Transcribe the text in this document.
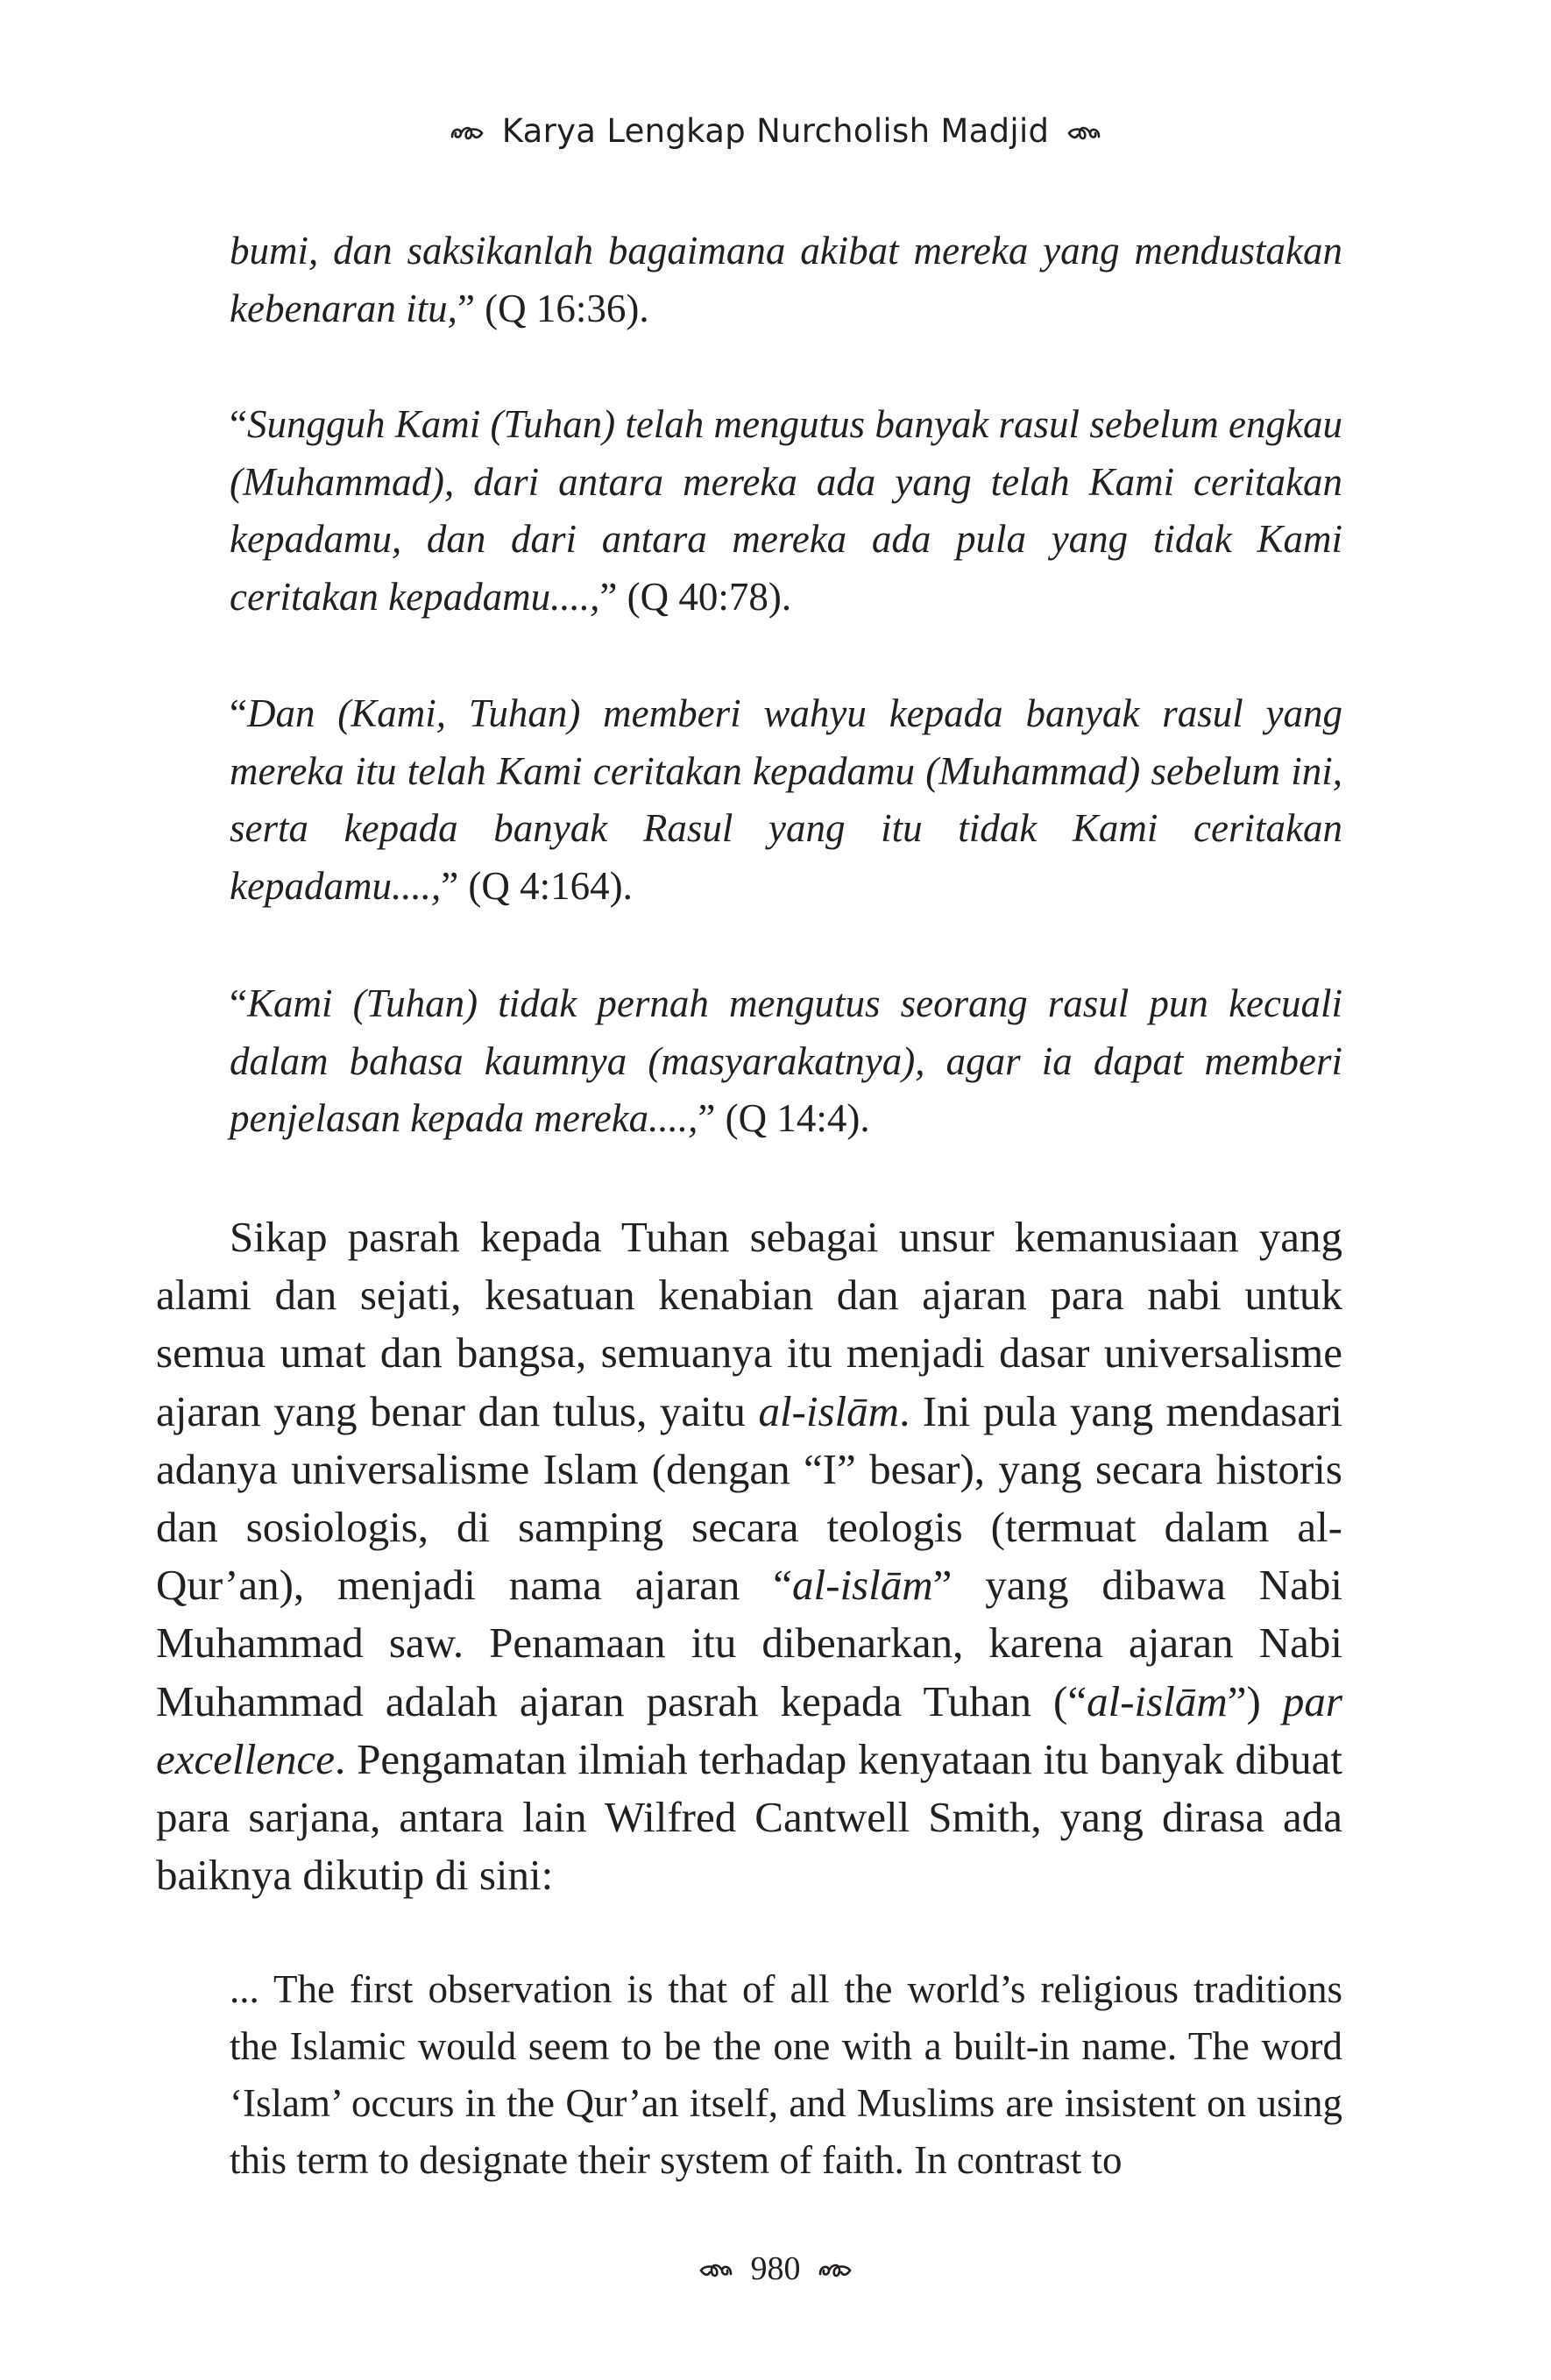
Karya Lengkap Nurcholish Madjid

bumi, dan saksikanlah bagaimana akibat mereka yang mendustakan kebenaran itu,” (Q 16:36).

“Sungguh Kami (Tuhan) telah mengutus banyak rasul sebelum engkau (Muhammad), dari antara mereka ada yang telah Kami ceritakan kepadamu, dan dari antara mereka ada pula yang tidak Kami ceritakan kepadamu....,” (Q 40:78).

“Dan (Kami, Tuhan) memberi wahyu kepada banyak rasul yang mereka itu telah Kami ceritakan kepadamu (Muhammad) sebelum ini, serta kepada banyak Rasul yang itu tidak Kami ceritakan kepadamu....,” (Q 4:164).

“Kami (Tuhan) tidak pernah mengutus seorang rasul pun kecuali dalam bahasa kaumnya (masyarakatnya), agar ia dapat memberi penjelasan kepada mereka....,” (Q 14:4).

Sikap pasrah kepada Tuhan sebagai unsur kemanusiaan yang alami dan sejati, kesatuan kenabian dan ajaran para nabi untuk semua umat dan bangsa, semuanya itu menjadi dasar universalisme ajaran yang benar dan tulus, yaitu al-islām. Ini pula yang mendasari adanya universalisme Islam (dengan “I” besar), yang secara historis dan sosiologis, di samping secara teologis (termuat dalam al-Qur’an), menjadi nama ajaran “al-islām” yang dibawa Nabi Muhammad saw. Penamaan itu dibenarkan, karena ajaran Nabi Muhammad adalah ajaran pasrah kepada Tuhan (“al-islām”) par excellence. Pengamatan ilmiah terhadap kenyataan itu banyak dibuat para sarjana, antara lain Wilfred Cantwell Smith, yang dirasa ada baiknya dikutip di sini:

... The first observation is that of all the world’s religious traditions the Islamic would seem to be the one with a built-in name. The word ‘Islam’ occurs in the Qur’an itself, and Muslims are insistent on using this term to designate their system of faith. In contrast to

980
